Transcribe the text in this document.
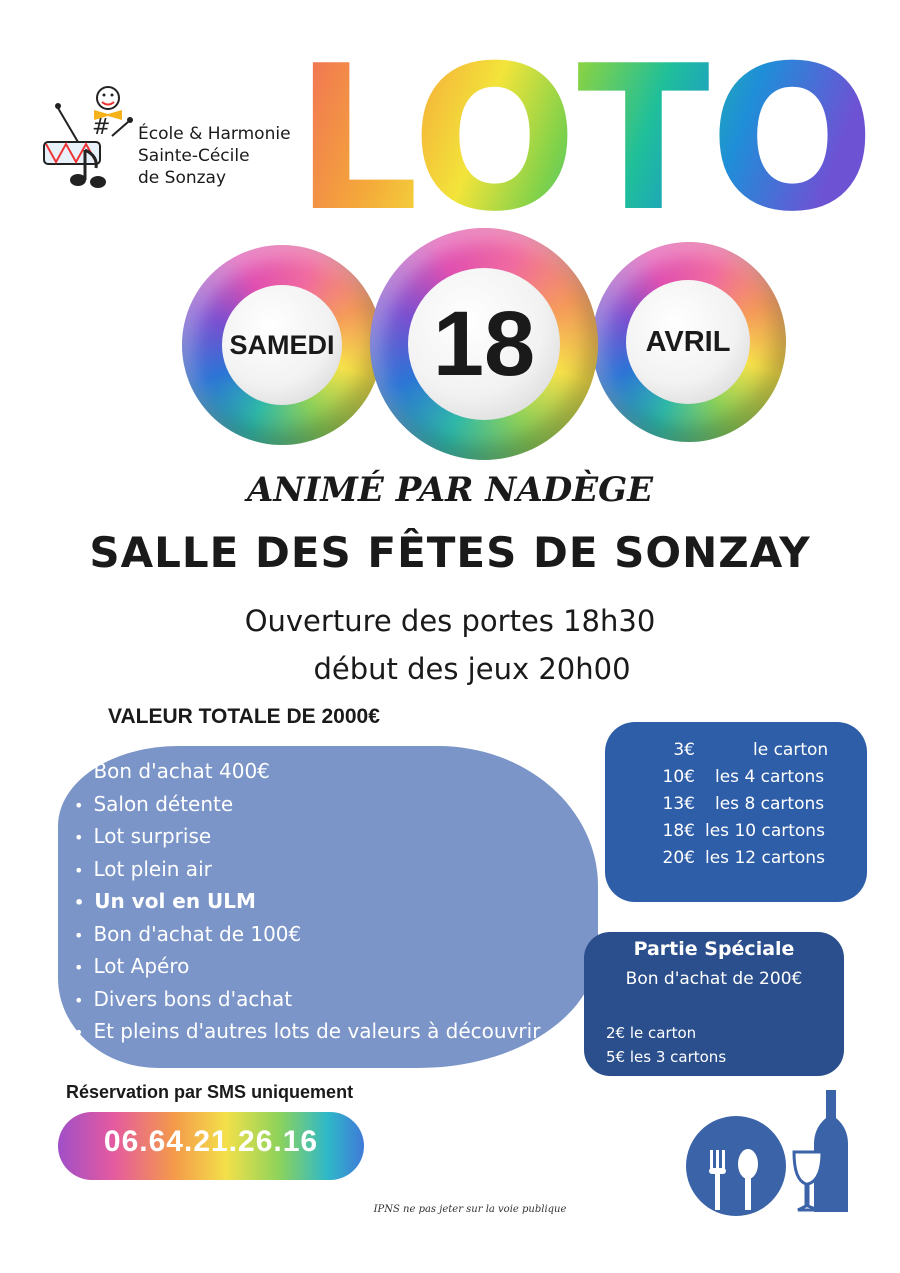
# École & Harmonie
Sainte-Cécile
de Sonzay LOTO
SAMEDI	AVRIL
18
ANIMÉ PAR NADÈGE
SALLE DES FÊTES DE SONZAY
Ouverture des portes 18h30
début des jeux 20h00
VALEUR TOTALE DE 2000€
• Bon d'achat 400€
• Salon détente
• Lot surprise
• Lot plein air
• Un vol en ULM
• Bon d'achat de 100€
• Lot Apéro
• Divers bons d'achat
• Et pleins d'autres lots de valeurs à découvrir
3€	le carton
10€ les 4 cartons
13€ les 8 cartons
18€ les 10 cartons
20€ les 12 cartons
Partie Spéciale
Bon d'achat de 200€
2€ le carton
5€ les 3 cartons
Réservation par SMS uniquement
06.64.21.26.16
IPNS ne pas jeter sur la voie publique
